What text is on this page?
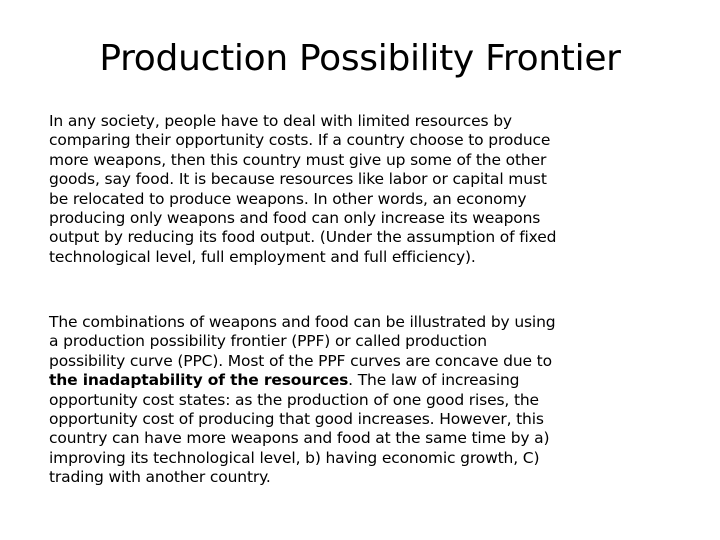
Production Possibility Frontier

In any society, people have to deal with limited resources by
comparing their opportunity costs. If a country choose to produce
more weapons, then this country must give up some of the other
goods, say food. It is because resources like labor or capital must
be relocated to produce weapons. In other words, an economy
producing only weapons and food can only increase its weapons
output by reducing its food output. (Under the assumption of fixed
technological level, full employment and full efficiency).

The combinations of weapons and food can be illustrated by using
a production possibility frontier (PPF) or called production
possibility curve (PPC). Most of the PPF curves are concave due to
the inadaptability of the resources. The law of increasing
opportunity cost states: as the production of one good rises, the
opportunity cost of producing that good increases. However, this
country can have more weapons and food at the same time by a)
improving its technological level, b) having economic growth, C)
trading with another country.
